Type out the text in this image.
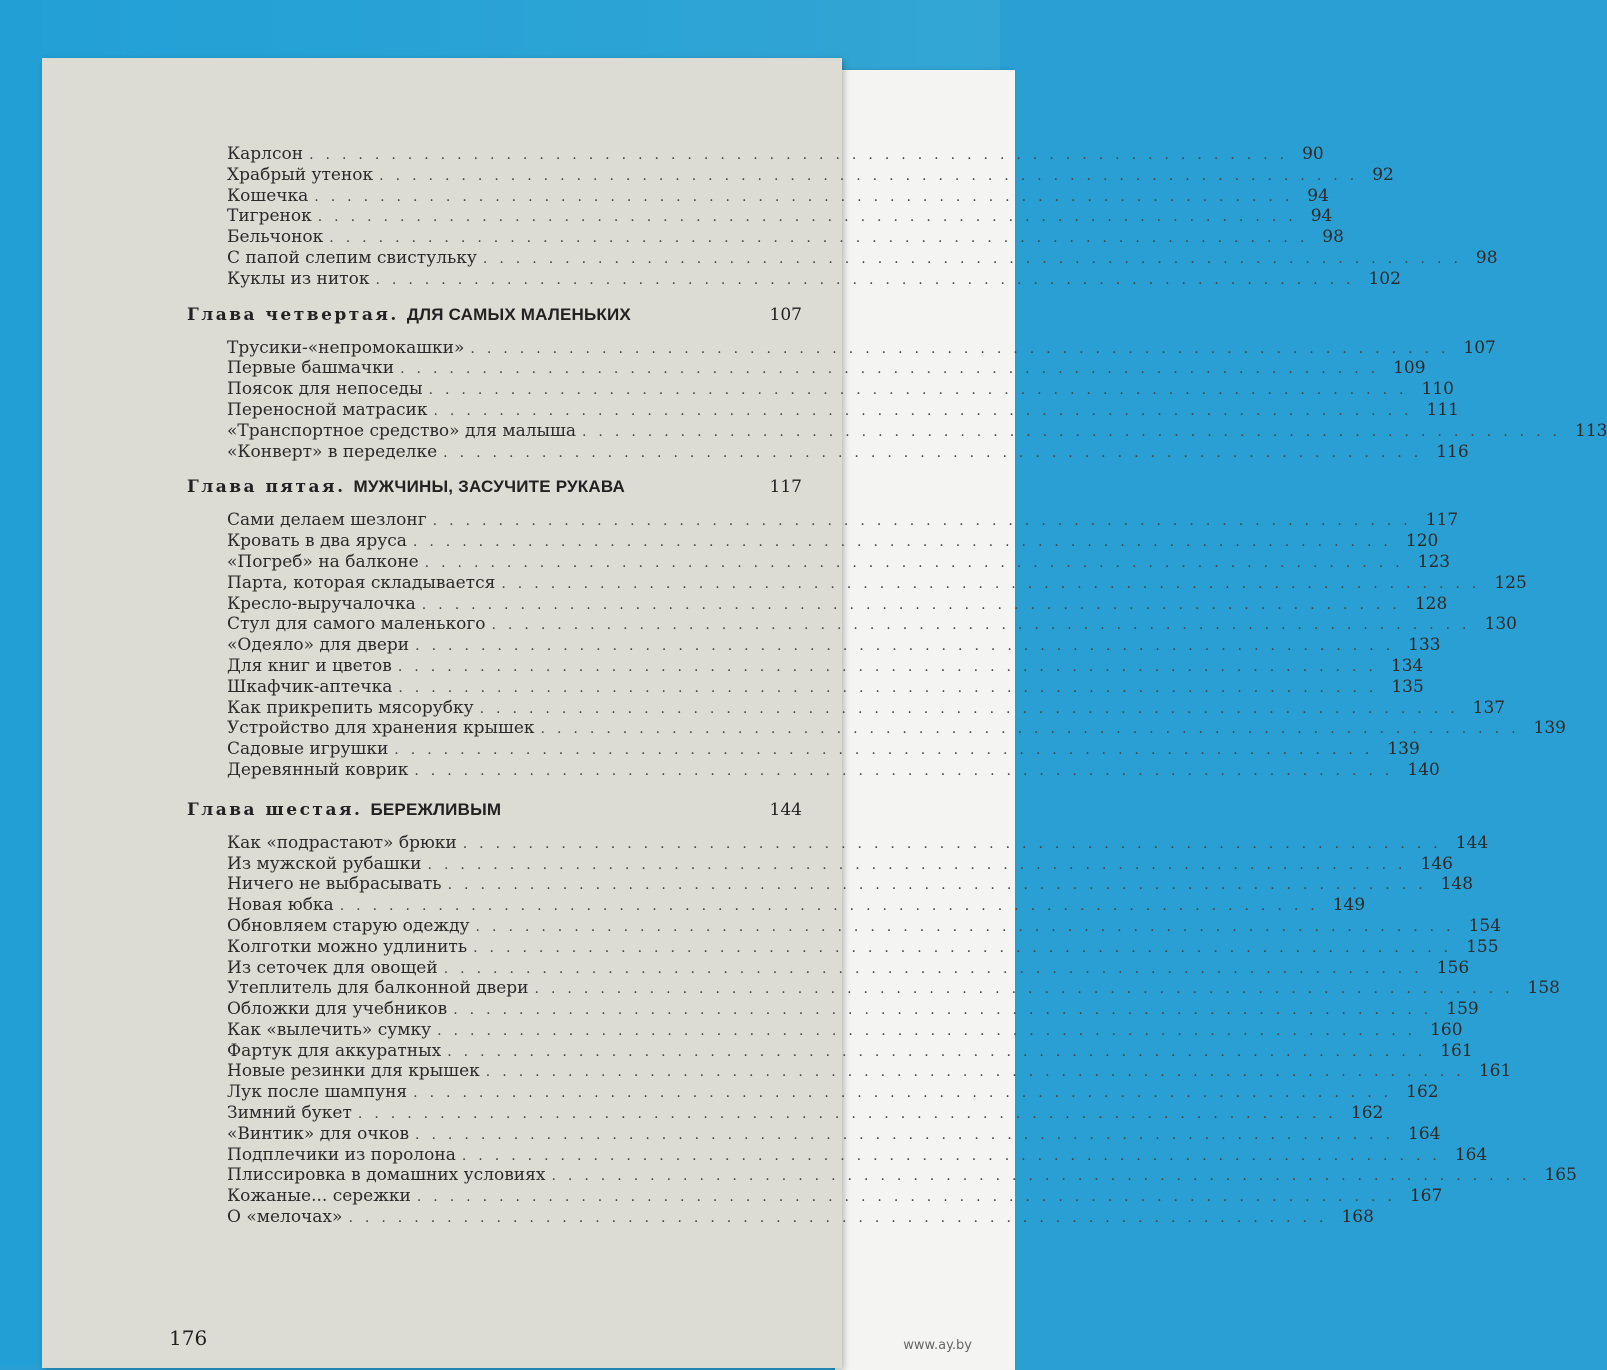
Карлсон ............................................................ 90
Храбрый утенок ............................................................ 92
Кошечка ............................................................ 94
Тигренок ............................................................ 94
Бельчонок ............................................................ 98
С папой слепим свистульку ............................................................ 98
Куклы из ниток ............................................................ 102
Глава четвертая. ДЛЯ САМЫХ МАЛЕНЬКИХ	107
Трусики-«непромокашки» ............................................................ 107
Первые башмачки ............................................................ 109
Поясок для непоседы ............................................................ 110
Переносной матрасик ............................................................ 111
«Транспортное средство» для малыша ............................................................ 113
«Конверт» в переделке ............................................................ 116
Глава пятая. МУЖЧИНЫ, ЗАСУЧИТЕ РУКАВА	117
Сами делаем шезлонг ............................................................ 117
Кровать в два яруса ............................................................ 120
«Погреб» на балконе ............................................................ 123
Парта, которая складывается ............................................................ 125
Кресло-выручалочка ............................................................ 128
Стул для самого маленького ............................................................ 130
«Одеяло» для двери ............................................................ 133
Для книг и цветов ............................................................ 134
Шкафчик-аптечка ............................................................ 135
Как прикрепить мясорубку ............................................................ 137
Устройство для хранения крышек ............................................................ 139
Садовые игрушки ............................................................ 139
Деревянный коврик ............................................................ 140
Глава шестая. БЕРЕЖЛИВЫМ	144
Как «подрастают» брюки ............................................................ 144
Из мужской рубашки ............................................................ 146
Ничего не выбрасывать ............................................................ 148
Новая юбка ............................................................ 149
Обновляем старую одежду ............................................................ 154
Колготки можно удлинить ............................................................ 155
Из сеточек для овощей ............................................................ 156
Утеплитель для балконной двери ............................................................ 158
Обложки для учебников ............................................................ 159
Как «вылечить» сумку ............................................................ 160
Фартук для аккуратных ............................................................ 161
Новые резинки для крышек ............................................................ 161
Лук после шампуня ............................................................ 162
Зимний букет ............................................................ 162
«Винтик» для очков ............................................................ 164
Подплечики из поролона ............................................................ 164
Плиссировка в домашних условиях ............................................................ 165
Кожаные... сережки ............................................................ 167
О «мелочах» ............................................................ 168
176	www.ay.by
